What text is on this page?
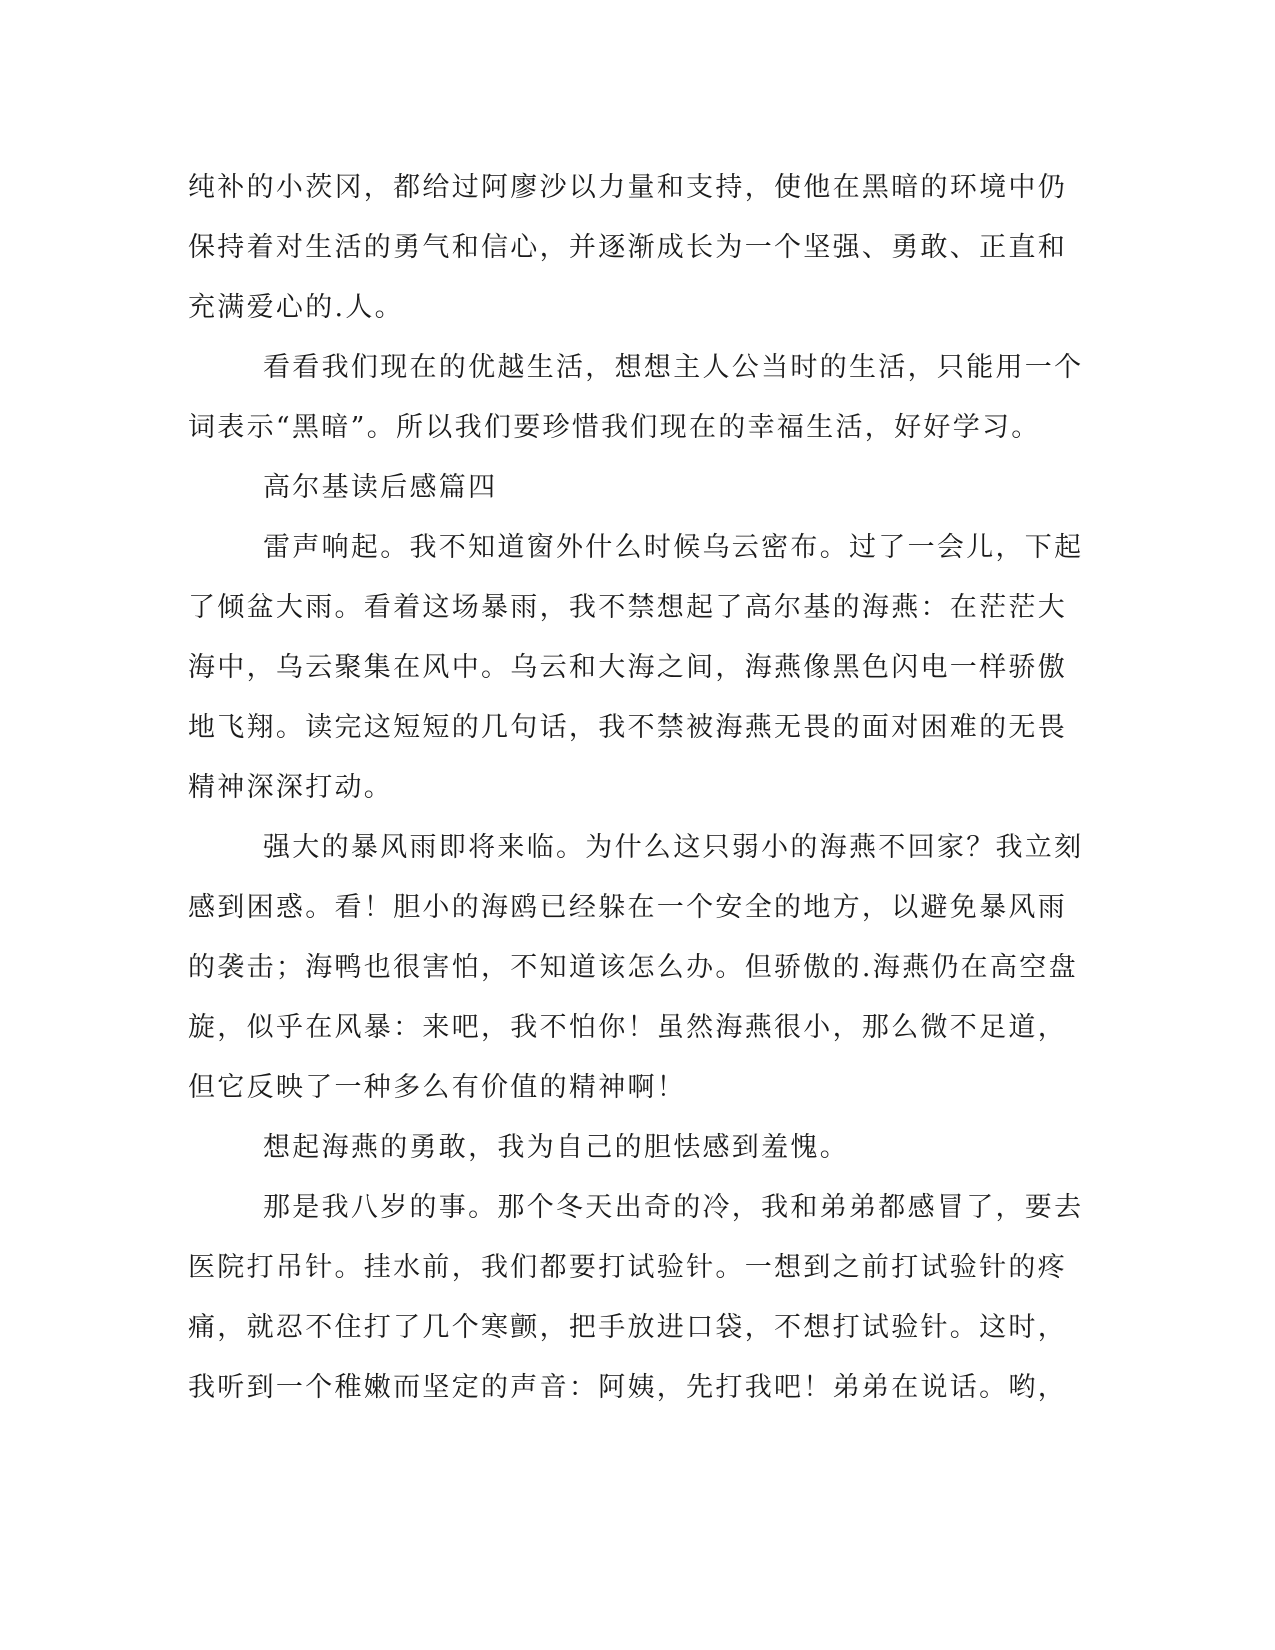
纯补的小茨冈，都给过阿廖沙以力量和支持，使他在黑暗的环境中仍
保持着对生活的勇气和信心，并逐渐成长为一个坚强、勇敢、正直和
充满爱心的.人。
看看我们现在的优越生活，想想主人公当时的生活，只能用一个
词表示“黑暗”。所以我们要珍惜我们现在的幸福生活，好好学习。
高尔基读后感篇四
雷声响起。我不知道窗外什么时候乌云密布。过了一会儿，下起
了倾盆大雨。看着这场暴雨，我不禁想起了高尔基的海燕：在茫茫大
海中，乌云聚集在风中。乌云和大海之间，海燕像黑色闪电一样骄傲
地飞翔。读完这短短的几句话，我不禁被海燕无畏的面对困难的无畏
精神深深打动。
强大的暴风雨即将来临。为什么这只弱小的海燕不回家？我立刻
感到困惑。看！胆小的海鸥已经躲在一个安全的地方，以避免暴风雨
的袭击；海鸭也很害怕，不知道该怎么办。但骄傲的.海燕仍在高空盘
旋，似乎在风暴：来吧，我不怕你！虽然海燕很小，那么微不足道，
但它反映了一种多么有价值的精神啊！
想起海燕的勇敢，我为自己的胆怯感到羞愧。
那是我八岁的事。那个冬天出奇的冷，我和弟弟都感冒了，要去
医院打吊针。挂水前，我们都要打试验针。一想到之前打试验针的疼
痛，就忍不住打了几个寒颤，把手放进口袋，不想打试验针。这时，
我听到一个稚嫩而坚定的声音：阿姨，先打我吧！弟弟在说话。哟，
